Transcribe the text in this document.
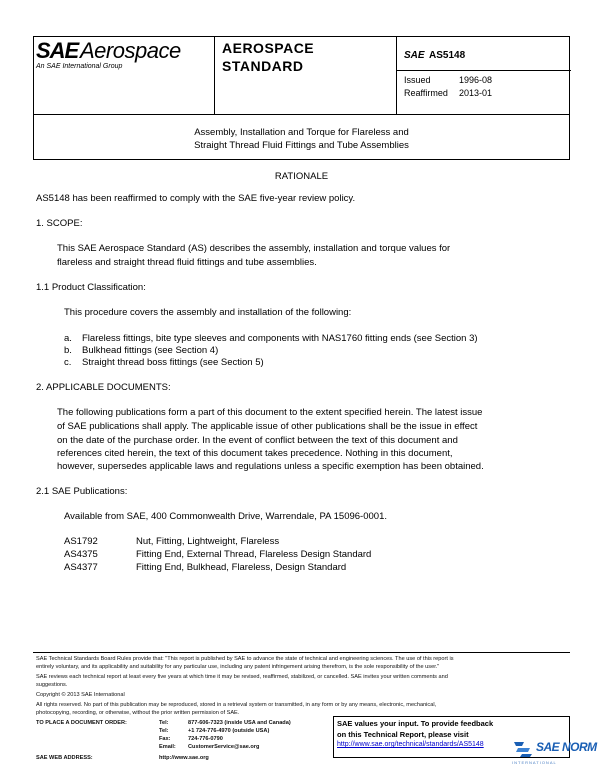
SAE Aerospace
An SAE International Group
AEROSPACE
STANDARD
SAE AS5148
Issued	1996-08
Reaffirmed 2013-01
Assembly, Installation and Torque for Flareless and
Straight Thread Fluid Fittings and Tube Assemblies
RATIONALE
AS5148 has been reaffirmed to comply with the SAE five-year review policy.
1. SCOPE:
This SAE Aerospace Standard (AS) describes the assembly, installation and torque values for
flareless and straight thread fluid fittings and tube assemblies.
1.1 Product Classification:
This procedure covers the assembly and installation of the following:
a. Flareless fittings, bite type sleeves and components with NAS1760 fitting ends (see Section 3)
b. Bulkhead fittings (see Section 4)
c. Straight thread boss fittings (see Section 5)
2. APPLICABLE DOCUMENTS:
The following publications form a part of this document to the extent specified herein. The latest issue
of SAE publications shall apply. The applicable issue of other publications shall be the issue in effect
on the date of the purchase order. In the event of conflict between the text of this document and
references cited herein, the text of this document takes precedence. Nothing in this document,
however, supersedes applicable laws and regulations unless a specific exemption has been obtained.
2.1 SAE Publications:
Available from SAE, 400 Commonwealth Drive, Warrendale, PA 15096-0001.
AS1792	Nut, Fitting, Lightweight, Flareless
AS4375	Fitting End, External Thread, Flareless Design Standard
AS4377	Fitting End, Bulkhead, Flareless, Design Standard
SAE Technical Standards Board Rules provide that: "This report is published by SAE to advance the state of technical and engineering sciences. The use of this report is
entirely voluntary, and its applicability and suitability for any particular use, including any patent infringement arising therefrom, is the sole responsibility of the user."
SAE reviews each technical report at least every five years at which time it may be revised, reaffirmed, stabilized, or cancelled. SAE invites your written comments and
suggestions.
Copyright © 2013 SAE International
All rights reserved. No part of this publication may be reproduced, stored in a retrieval system or transmitted, in any form or by any means, electronic, mechanical,
photocopying, recording, or otherwise, without the prior written permission of SAE.
TO PLACE A DOCUMENT ORDER:	Tel:	877-606-7323 (inside USA and Canada)
Tel:	+1 724-776-4970 (outside USA)
Fax:	724-776-0790
Email: CustomerService@sae.org
SAE WEB ADDRESS:	http://www.sae.org
SAE values your input. To provide feedback
on this Technical Report, please visit
http://www.sae.org/technical/standards/AS5148	SAE NORM
INTERNATIONAL
